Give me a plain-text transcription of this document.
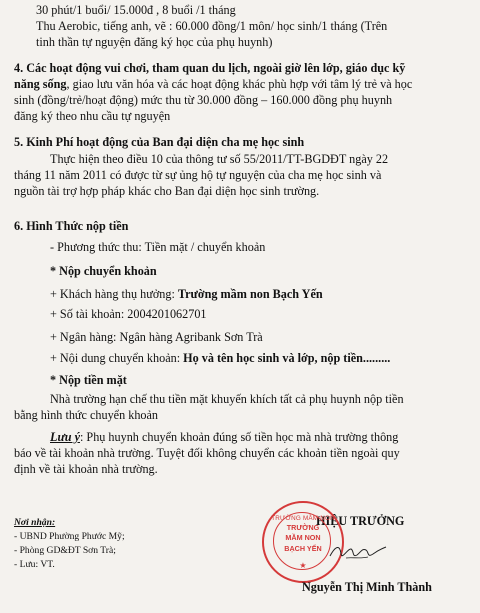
30 phút/1 buổi/ 15.000đ , 8 buổi /1 tháng
Thu Aerobic, tiếng anh, vẽ : 60.000 đồng/1 môn/ học sinh/1 tháng (Trên
tinh thần tự nguyện đăng ký học của phụ huynh)
4. Các hoạt động vui chơi, tham quan du lịch, ngoài giờ lên lớp, giáo dục kỹ
năng sống, giao lưu văn hóa và các hoạt động khác phù hợp với tâm lý trẻ và học
sinh (đồng/trẻ/hoạt động) mức thu từ 30.000 đồng – 160.000 đồng phụ huynh
đăng ký theo nhu cầu tự nguyện
5. Kinh Phí hoạt động của Ban đại diện cha mẹ học sinh
Thực hiện theo điều 10 của thông tư số 55/2011/TT-BGDĐT ngày 22
tháng 11 năm 2011 có được từ sự ủng hộ tự nguyện của cha mẹ học sinh và
nguồn tài trợ hợp pháp khác cho Ban đại diện học sinh trường.
6. Hình Thức nộp tiền
- Phương thức thu: Tiền mặt / chuyển khoản
* Nộp chuyển khoản
+ Khách hàng thụ hưởng: Trường mầm non Bạch Yến
+ Số tài khoản: 2004201062701
+ Ngân hàng: Ngân hàng Agribank Sơn Trà
+ Nội dung chuyển khoản: Họ và tên học sinh và lớp, nộp tiền.........
* Nộp tiền mặt
Nhà trường hạn chế thu tiền mặt khuyến khích tất cả phụ huynh nộp tiền
bằng hình thức chuyển khoản
Lưu ý: Phụ huynh chuyển khoản đúng số tiền học mà nhà trường thông
báo về tài khoản nhà trường. Tuyệt đối không chuyển các khoản tiền ngoài quy
định về tài khoản nhà trường.
Nơi nhận:
- UBND Phường Phước Mỹ;
- Phòng GD&ĐT Sơn Trà;
- Lưu: VT.
HIỆU TRƯỞNG
TRƯỜNG MẦM NON
TRƯỜNG
MẦM NON
BẠCH YẾN
★
Nguyễn Thị Minh Thành
